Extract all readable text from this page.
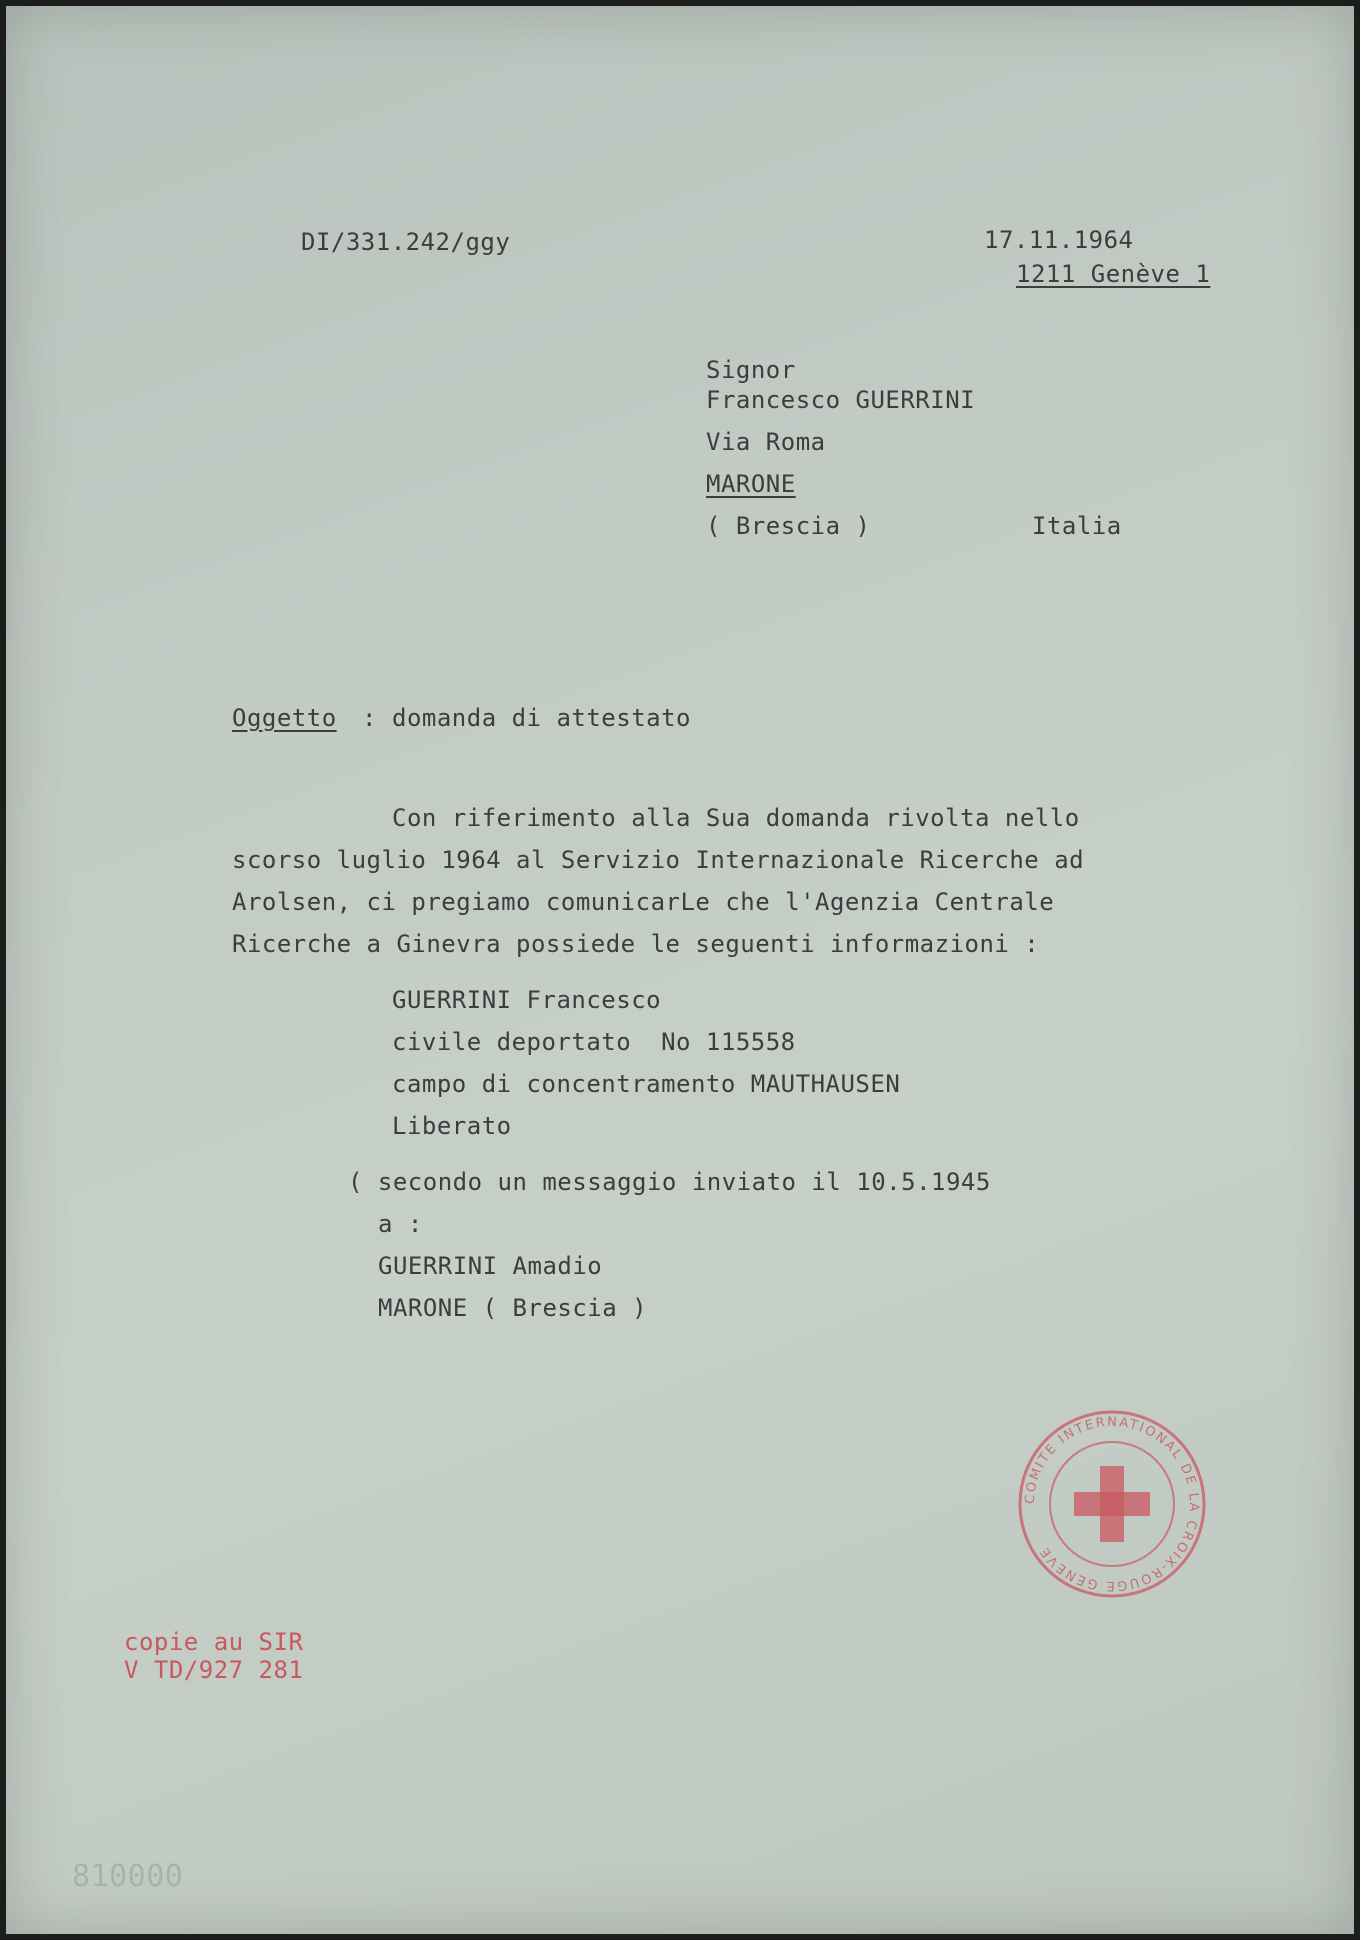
DI/331.242/ggy	17.11.1964
1211 Genève 1
Signor
Francesco GUERRINI
Via Roma
MARONE
( Brescia )	Italia
Oggetto : domanda di attestato
Con riferimento alla Sua domanda rivolta nello
scorso luglio 1964 al Servizio Internazionale Ricerche ad
Arolsen, ci pregiamo comunicarLe che l'Agenzia Centrale
Ricerche a Ginevra possiede le seguenti informazioni :
GUERRINI Francesco
civile deportato  No 115558
campo di concentramento MAUTHAUSEN
Liberato
( secondo un messaggio inviato il 10.5.1945
a :
GUERRINI Amadio
MARONE ( Brescia )
COMITE INTERNATIONAL DE LA CROIX-ROUGE GENEVE
copie au SIR
V TD/927 281
810000
